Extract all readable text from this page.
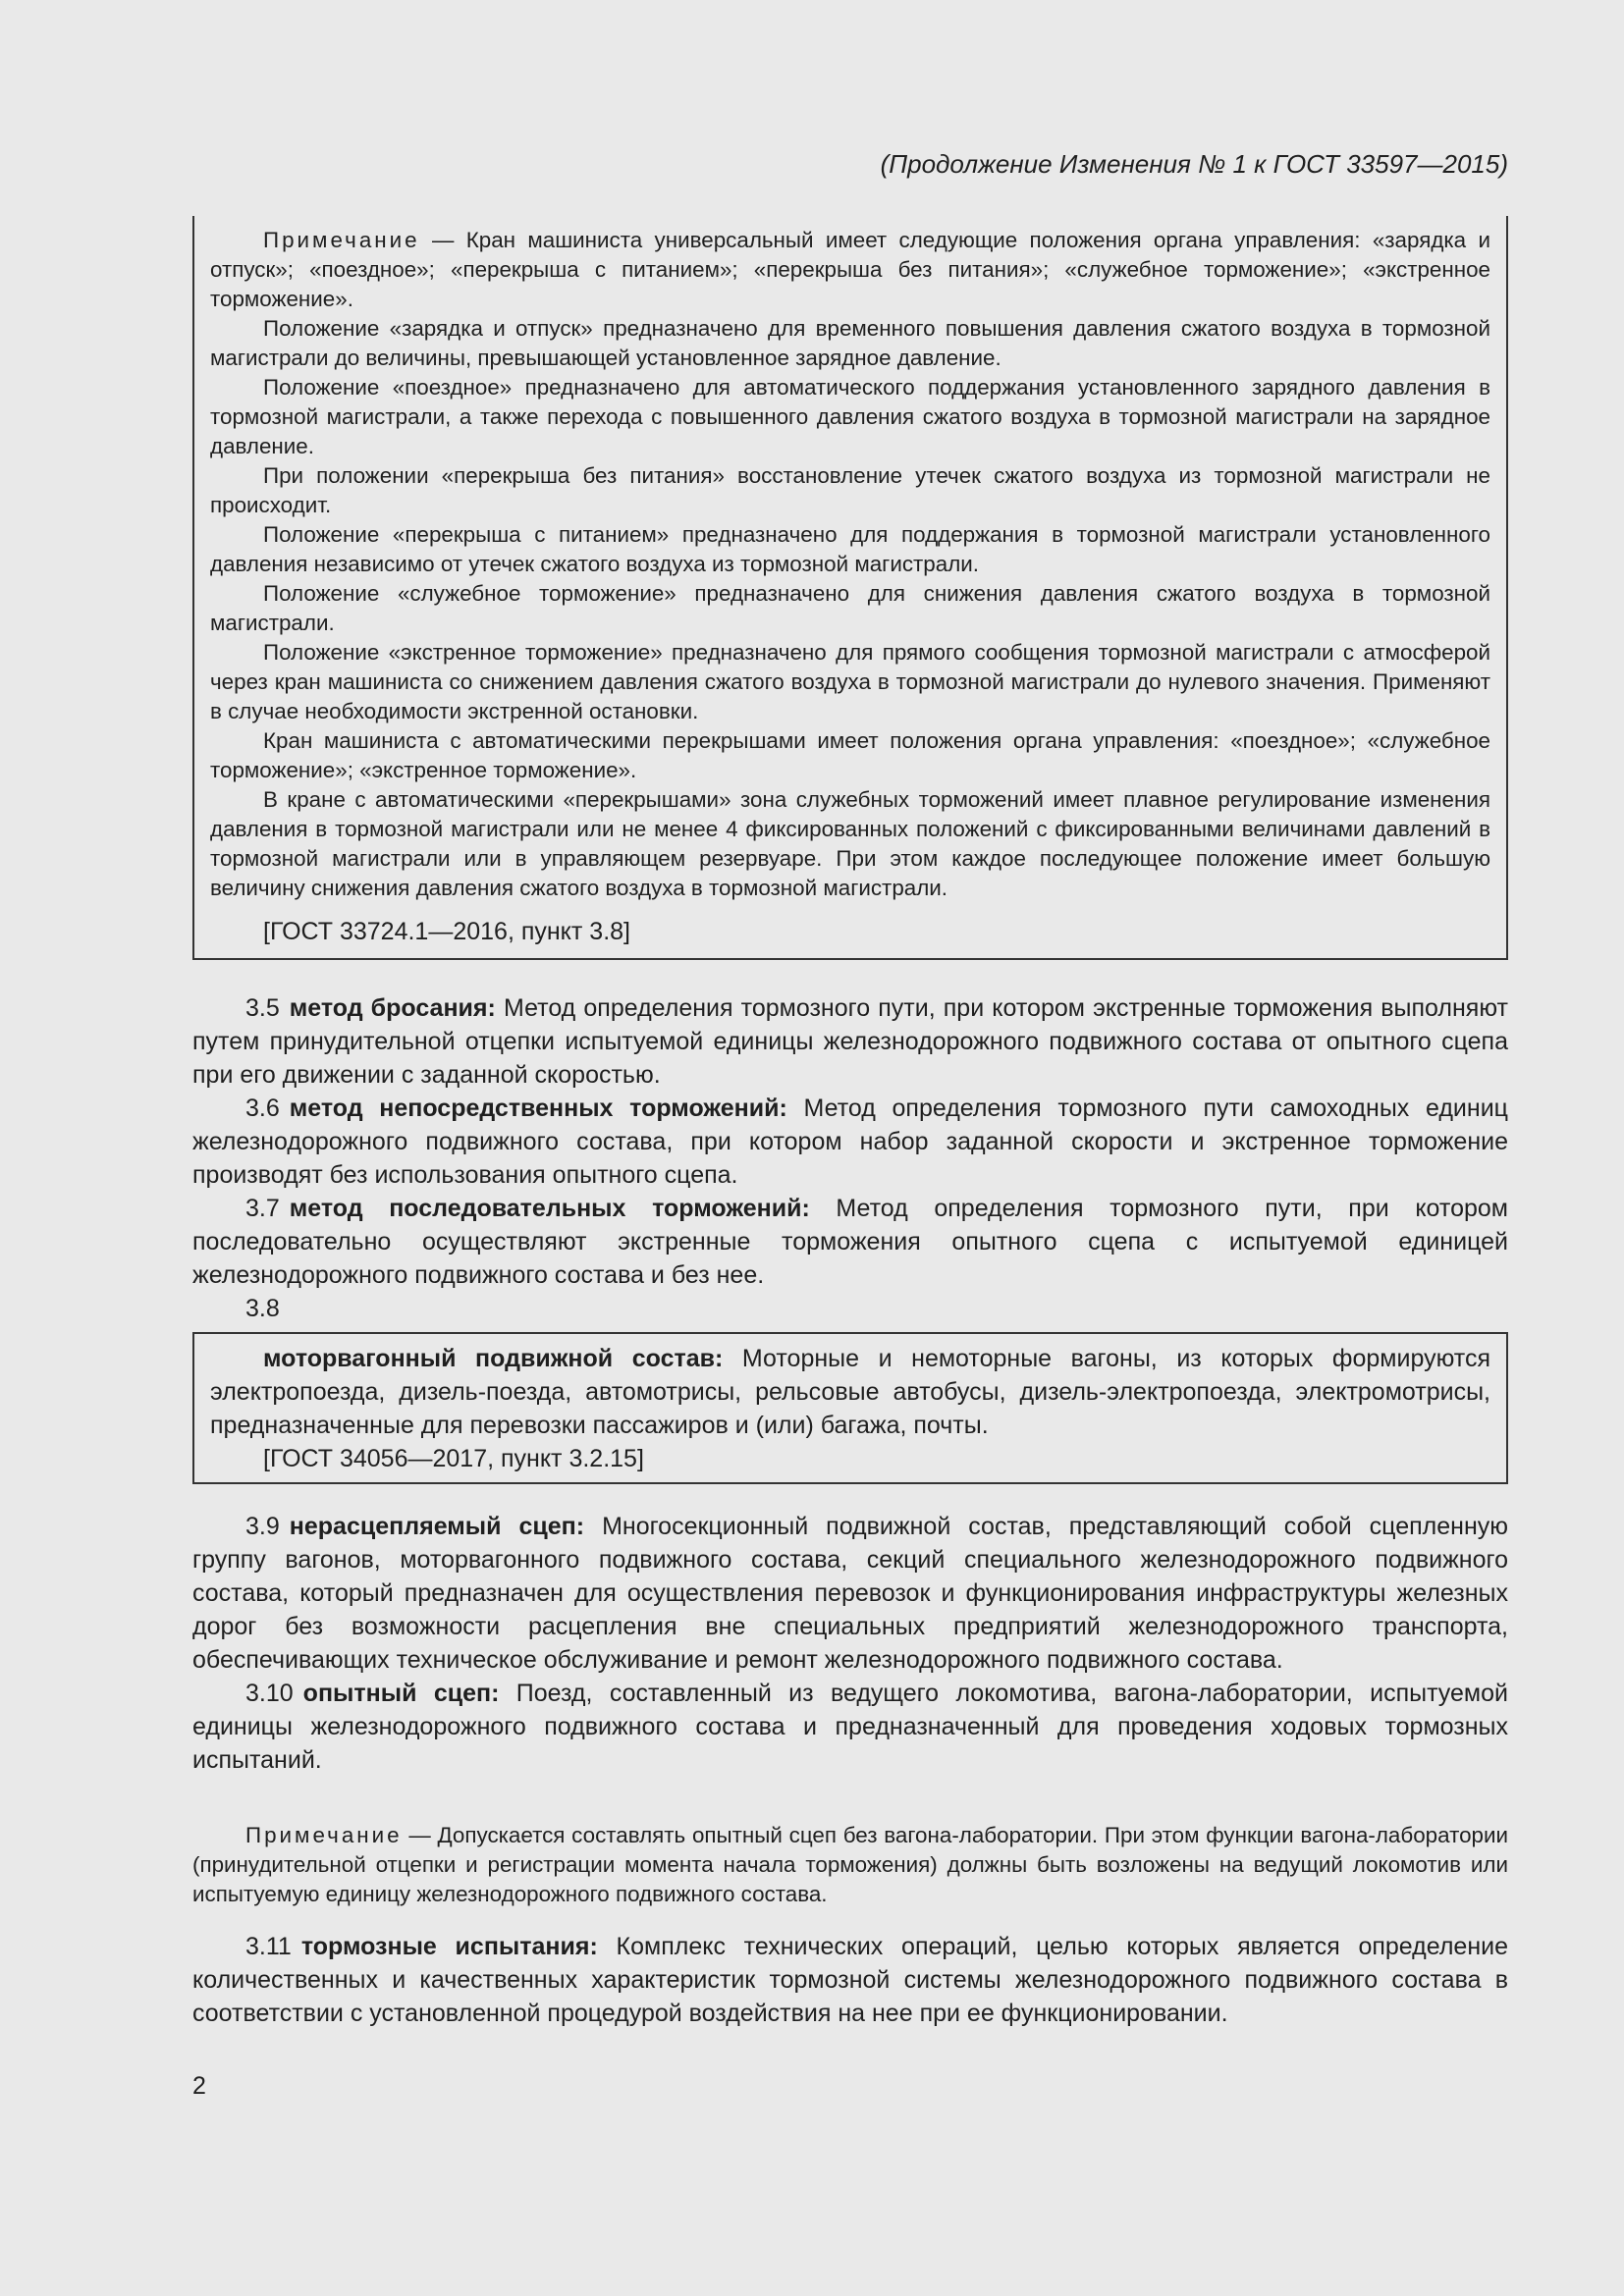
(Продолжение Изменения № 1 к ГОСТ 33597—2015)

Примечание — Кран машиниста универсальный имеет следующие положения органа управления: «зарядка и отпуск»; «поездное»; «перекрыша с питанием»; «перекрыша без питания»; «служебное торможение»; «экстренное торможение».

Положение «зарядка и отпуск» предназначено для временного повышения давления сжатого воздуха в тормозной магистрали до величины, превышающей установленное зарядное давление.

Положение «поездное» предназначено для автоматического поддержания установленного зарядного давления в тормозной магистрали, а также перехода с повышенного давления сжатого воздуха в тормозной магистрали на зарядное давление.

При положении «перекрыша без питания» восстановление утечек сжатого воздуха из тормозной магистрали не происходит.

Положение «перекрыша с питанием» предназначено для поддержания в тормозной магистрали установленного давления независимо от утечек сжатого воздуха из тормозной магистрали.

Положение «служебное торможение» предназначено для снижения давления сжатого воздуха в тормозной магистрали.

Положение «экстренное торможение» предназначено для прямого сообщения тормозной магистрали с атмосферой через кран машиниста со снижением давления сжатого воздуха в тормозной магистрали до нулевого значения. Применяют в случае необходимости экстренной остановки.

Кран машиниста с автоматическими перекрышами имеет положения органа управления: «поездное»; «служебное торможение»; «экстренное торможение».

В кране с автоматическими «перекрышами» зона служебных торможений имеет плавное регулирование изменения давления в тормозной магистрали или не менее 4 фиксированных положений с фиксированными величинами давлений в тормозной магистрали или в управляющем резервуаре. При этом каждое последующее положение имеет большую величину снижения давления сжатого воздуха в тормозной магистрали.

[ГОСТ 33724.1—2016, пункт 3.8]

3.5 метод бросания: Метод определения тормозного пути, при котором экстренные торможения выполняют путем принудительной отцепки испытуемой единицы железнодорожного подвижного состава от опытного сцепа при его движении с заданной скоростью.

3.6 метод непосредственных торможений: Метод определения тормозного пути самоходных единиц железнодорожного подвижного состава, при котором набор заданной скорости и экстренное торможение производят без использования опытного сцепа.

3.7 метод последовательных торможений: Метод определения тормозного пути, при котором последовательно осуществляют экстренные торможения опытного сцепа с испытуемой единицей железнодорожного подвижного состава и без нее.

3.8

моторвагонный подвижной состав: Моторные и немоторные вагоны, из которых формируются электропоезда, дизель-поезда, автомотрисы, рельсовые автобусы, дизель-электропоезда, электромотрисы, предназначенные для перевозки пассажиров и (или) багажа, почты.

[ГОСТ 34056—2017, пункт 3.2.15]

3.9 нерасцепляемый сцеп: Многосекционный подвижной состав, представляющий собой сцепленную группу вагонов, моторвагонного подвижного состава, секций специального железнодорожного подвижного состава, который предназначен для осуществления перевозок и функционирования инфраструктуры железных дорог без возможности расцепления вне специальных предприятий железнодорожного транспорта, обеспечивающих техническое обслуживание и ремонт железнодорожного подвижного состава.

3.10 опытный сцеп: Поезд, составленный из ведущего локомотива, вагона-лаборатории, испытуемой единицы железнодорожного подвижного состава и предназначенный для проведения ходовых тормозных испытаний.

Примечание — Допускается составлять опытный сцеп без вагона-лаборатории. При этом функции вагона-лаборатории (принудительной отцепки и регистрации момента начала торможения) должны быть возложены на ведущий локомотив или испытуемую единицу железнодорожного подвижного состава.

3.11 тормозные испытания: Комплекс технических операций, целью которых является определение количественных и качественных характеристик тормозной системы железнодорожного подвижного состава в соответствии с установленной процедурой воздействия на нее при ее функционировании.

2
